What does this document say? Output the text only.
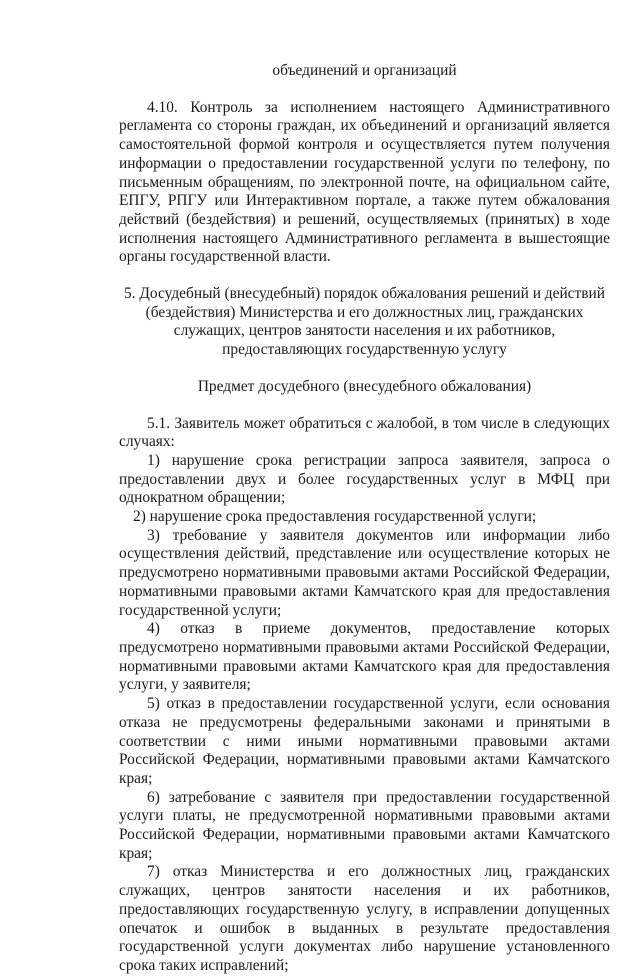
объединений и организаций

4.10. Контроль за исполнением настоящего Административного регламента со стороны граждан, их объединений и организаций является самостоятельной формой контроля и осуществляется путем получения информации о предоставлении государственной услуги по телефону, по письменным обращениям, по электронной почте, на официальном сайте, ЕПГУ, РПГУ или Интерактивном портале, а также путем обжалования действий (бездействия) и решений, осуществляемых (принятых) в ходе исполнения настоящего Административного регламента в вышестоящие органы государственной власти.

5. Досудебный (внесудебный) порядок обжалования решений и действий (бездействия) Министерства и его должностных лиц, гражданских служащих, центров занятости населения и их работников, предоставляющих государственную услугу

Предмет досудебного (внесудебного обжалования)

5.1. Заявитель может обратиться с жалобой, в том числе в следующих случаях:

1) нарушение срока регистрации запроса заявителя, запроса о предоставлении двух и более государственных услуг в МФЦ при однократном обращении;

2) нарушение срока предоставления государственной услуги;

3) требование у заявителя документов или информации либо осуществления действий, представление или осуществление которых не предусмотрено нормативными правовыми актами Российской Федерации, нормативными правовыми актами Камчатского края для предоставления государственной услуги;

4) отказ в приеме документов, предоставление которых предусмотрено нормативными правовыми актами Российской Федерации, нормативными правовыми актами Камчатского края для предоставления услуги, у заявителя;

5) отказ в предоставлении государственной услуги, если основания отказа не предусмотрены федеральными законами и принятыми в соответствии с ними иными нормативными правовыми актами Российской Федерации, нормативными правовыми актами Камчатского края;

6) затребование с заявителя при предоставлении государственной услуги платы, не предусмотренной нормативными правовыми актами Российской Федерации, нормативными правовыми актами Камчатского края;

7) отказ Министерства и его должностных лиц, гражданских служащих, центров занятости населения и их работников, предоставляющих государственную услугу, в исправлении допущенных опечаток и ошибок в выданных в результате предоставления государственной услуги документах либо нарушение установленного срока таких исправлений;
